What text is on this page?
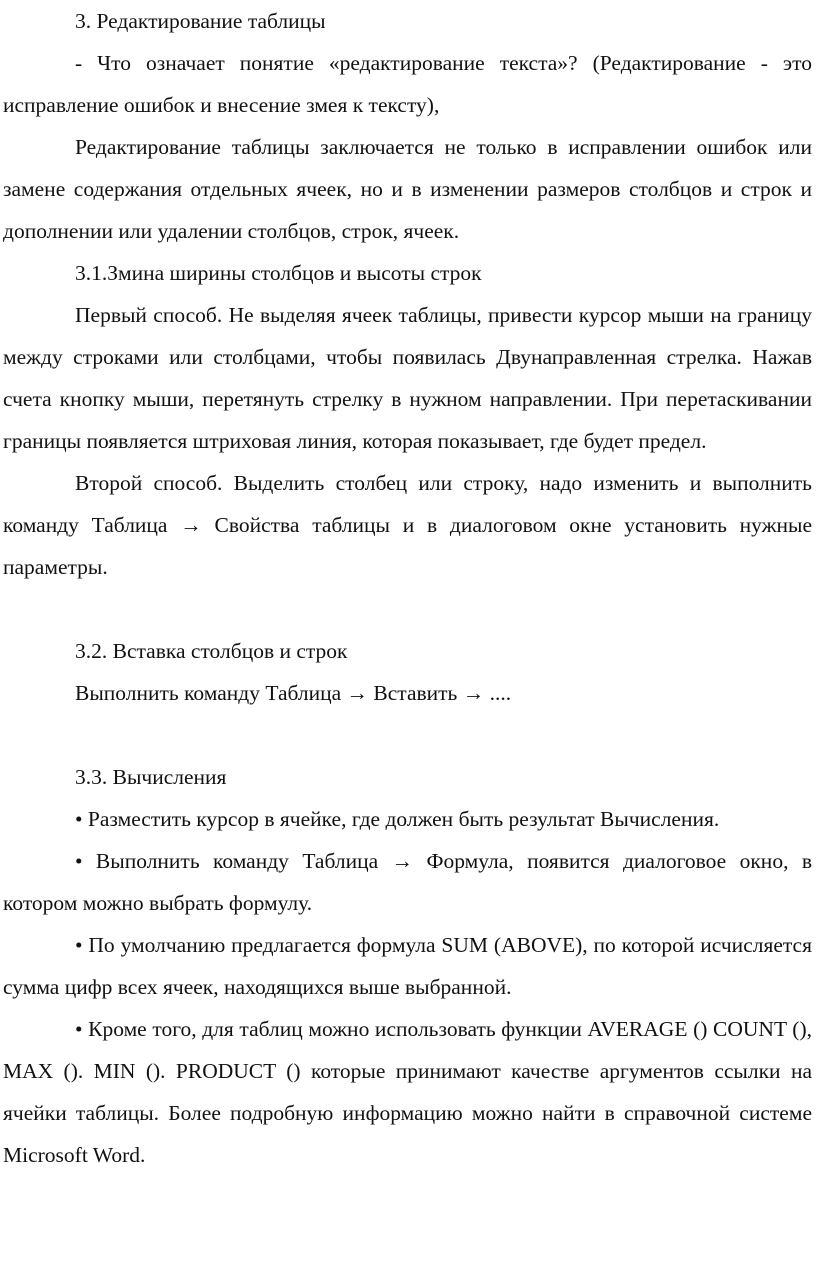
3. Редактирование таблицы

- Что означает понятие «редактирование текста»? (Редактирование - это исправление ошибок и внесение змея к тексту),

Редактирование таблицы заключается не только в исправлении ошибок или замене содержания отдельных ячеек, но и в изменении размеров столбцов и строк и дополнении или удалении столбцов, строк, ячеек.

3.1.Змина ширины столбцов и высоты строк

Первый способ. Не выделяя ячеек таблицы, привести курсор мыши на границу между строками или столбцами, чтобы появилась Двунаправленная стрелка. Нажав счета кнопку мыши, перетянуть стрелку в нужном направлении. При перетаскивании границы появляется штриховая линия, которая показывает, где будет предел.

Второй способ. Выделить столбец или строку, надо изменить и выполнить команду Таблица → Свойства таблицы и в диалоговом окне установить нужные параметры.

3.2. Вставка столбцов и строк

Выполнить команду Таблица → Вставить → ....

3.3. Вычисления

• Разместить курсор в ячейке, где должен быть результат Вычисления.

• Выполнить команду Таблица → Формула, появится диалоговое окно, в котором можно выбрать формулу.

• По умолчанию предлагается формула SUM (ABOVE), по которой исчисляется сумма цифр всех ячеек, находящихся выше выбранной.

• Кроме того, для таблиц можно использовать функции AVERAGE () COUNT (), MAX (). MIN (). PRODUCT () которые принимают качестве аргументов ссылки на ячейки таблицы. Более подробную информацию можно найти в справочной системе Microsoft Word.
